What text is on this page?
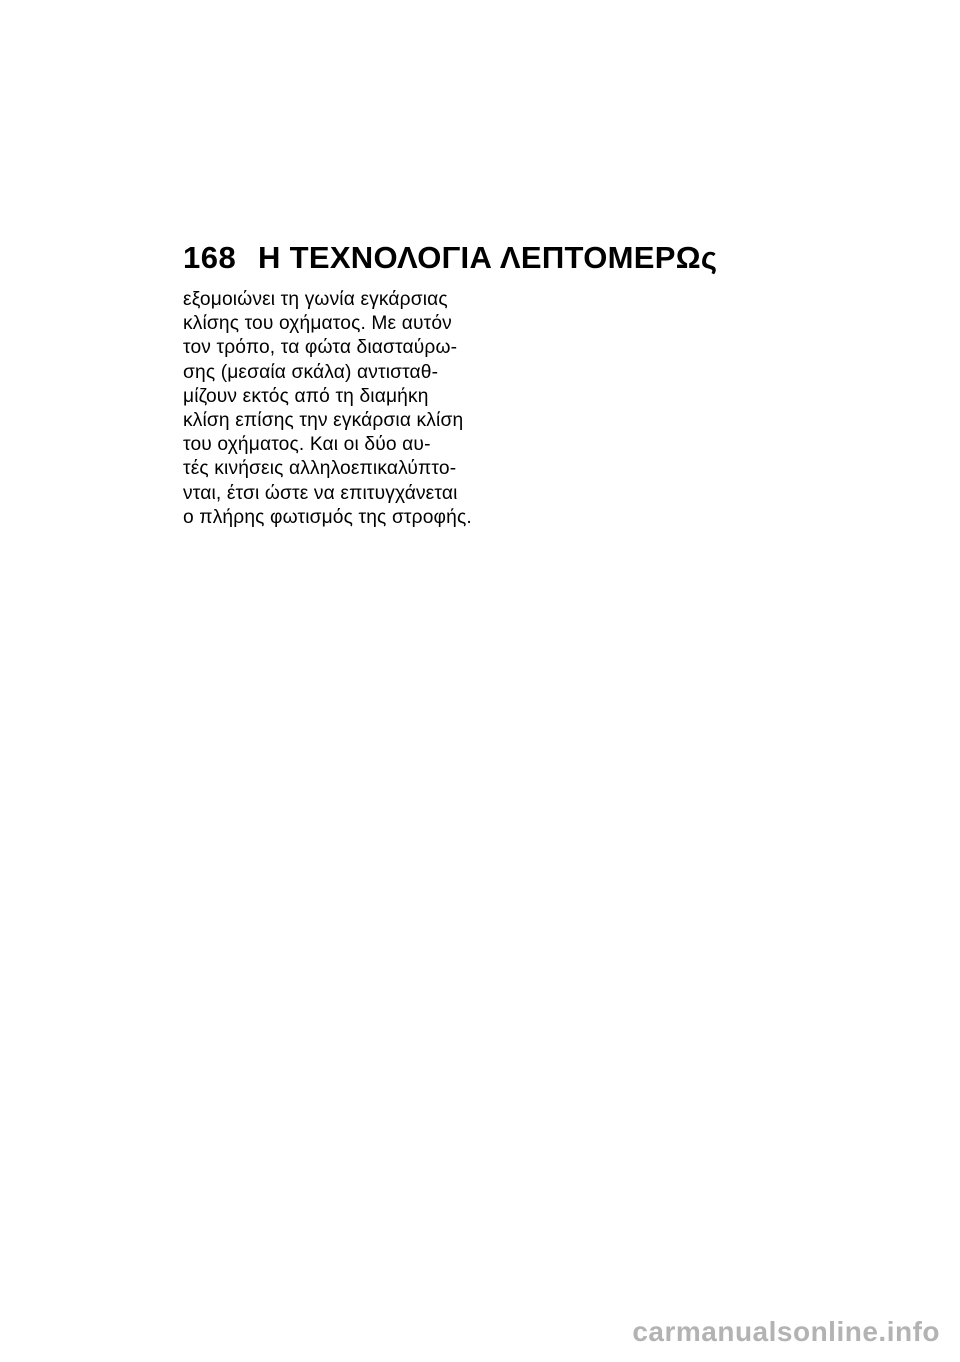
168 Η ΤΕΧΝΟΛΟΓΙΑ ΛΕΠΤΟΜΕΡΩς
εξομοιώνει τη γωνία εγκάρσιας
κλίσης του οχήματος. Με αυτόν
τον τρόπο, τα φώτα διασταύρω-
σης (μεσαία σκάλα) αντισταθ-
μίζουν εκτός από τη διαμήκη
κλίση επίσης την εγκάρσια κλίση
του οχήματος. Και οι δύο αυ-
τές κινήσεις αλληλοεπικαλύπτο-
νται, έτσι ώστε να επιτυγχάνεται
ο πλήρης φωτισμός της στροφής.
carmanualsonline.info
